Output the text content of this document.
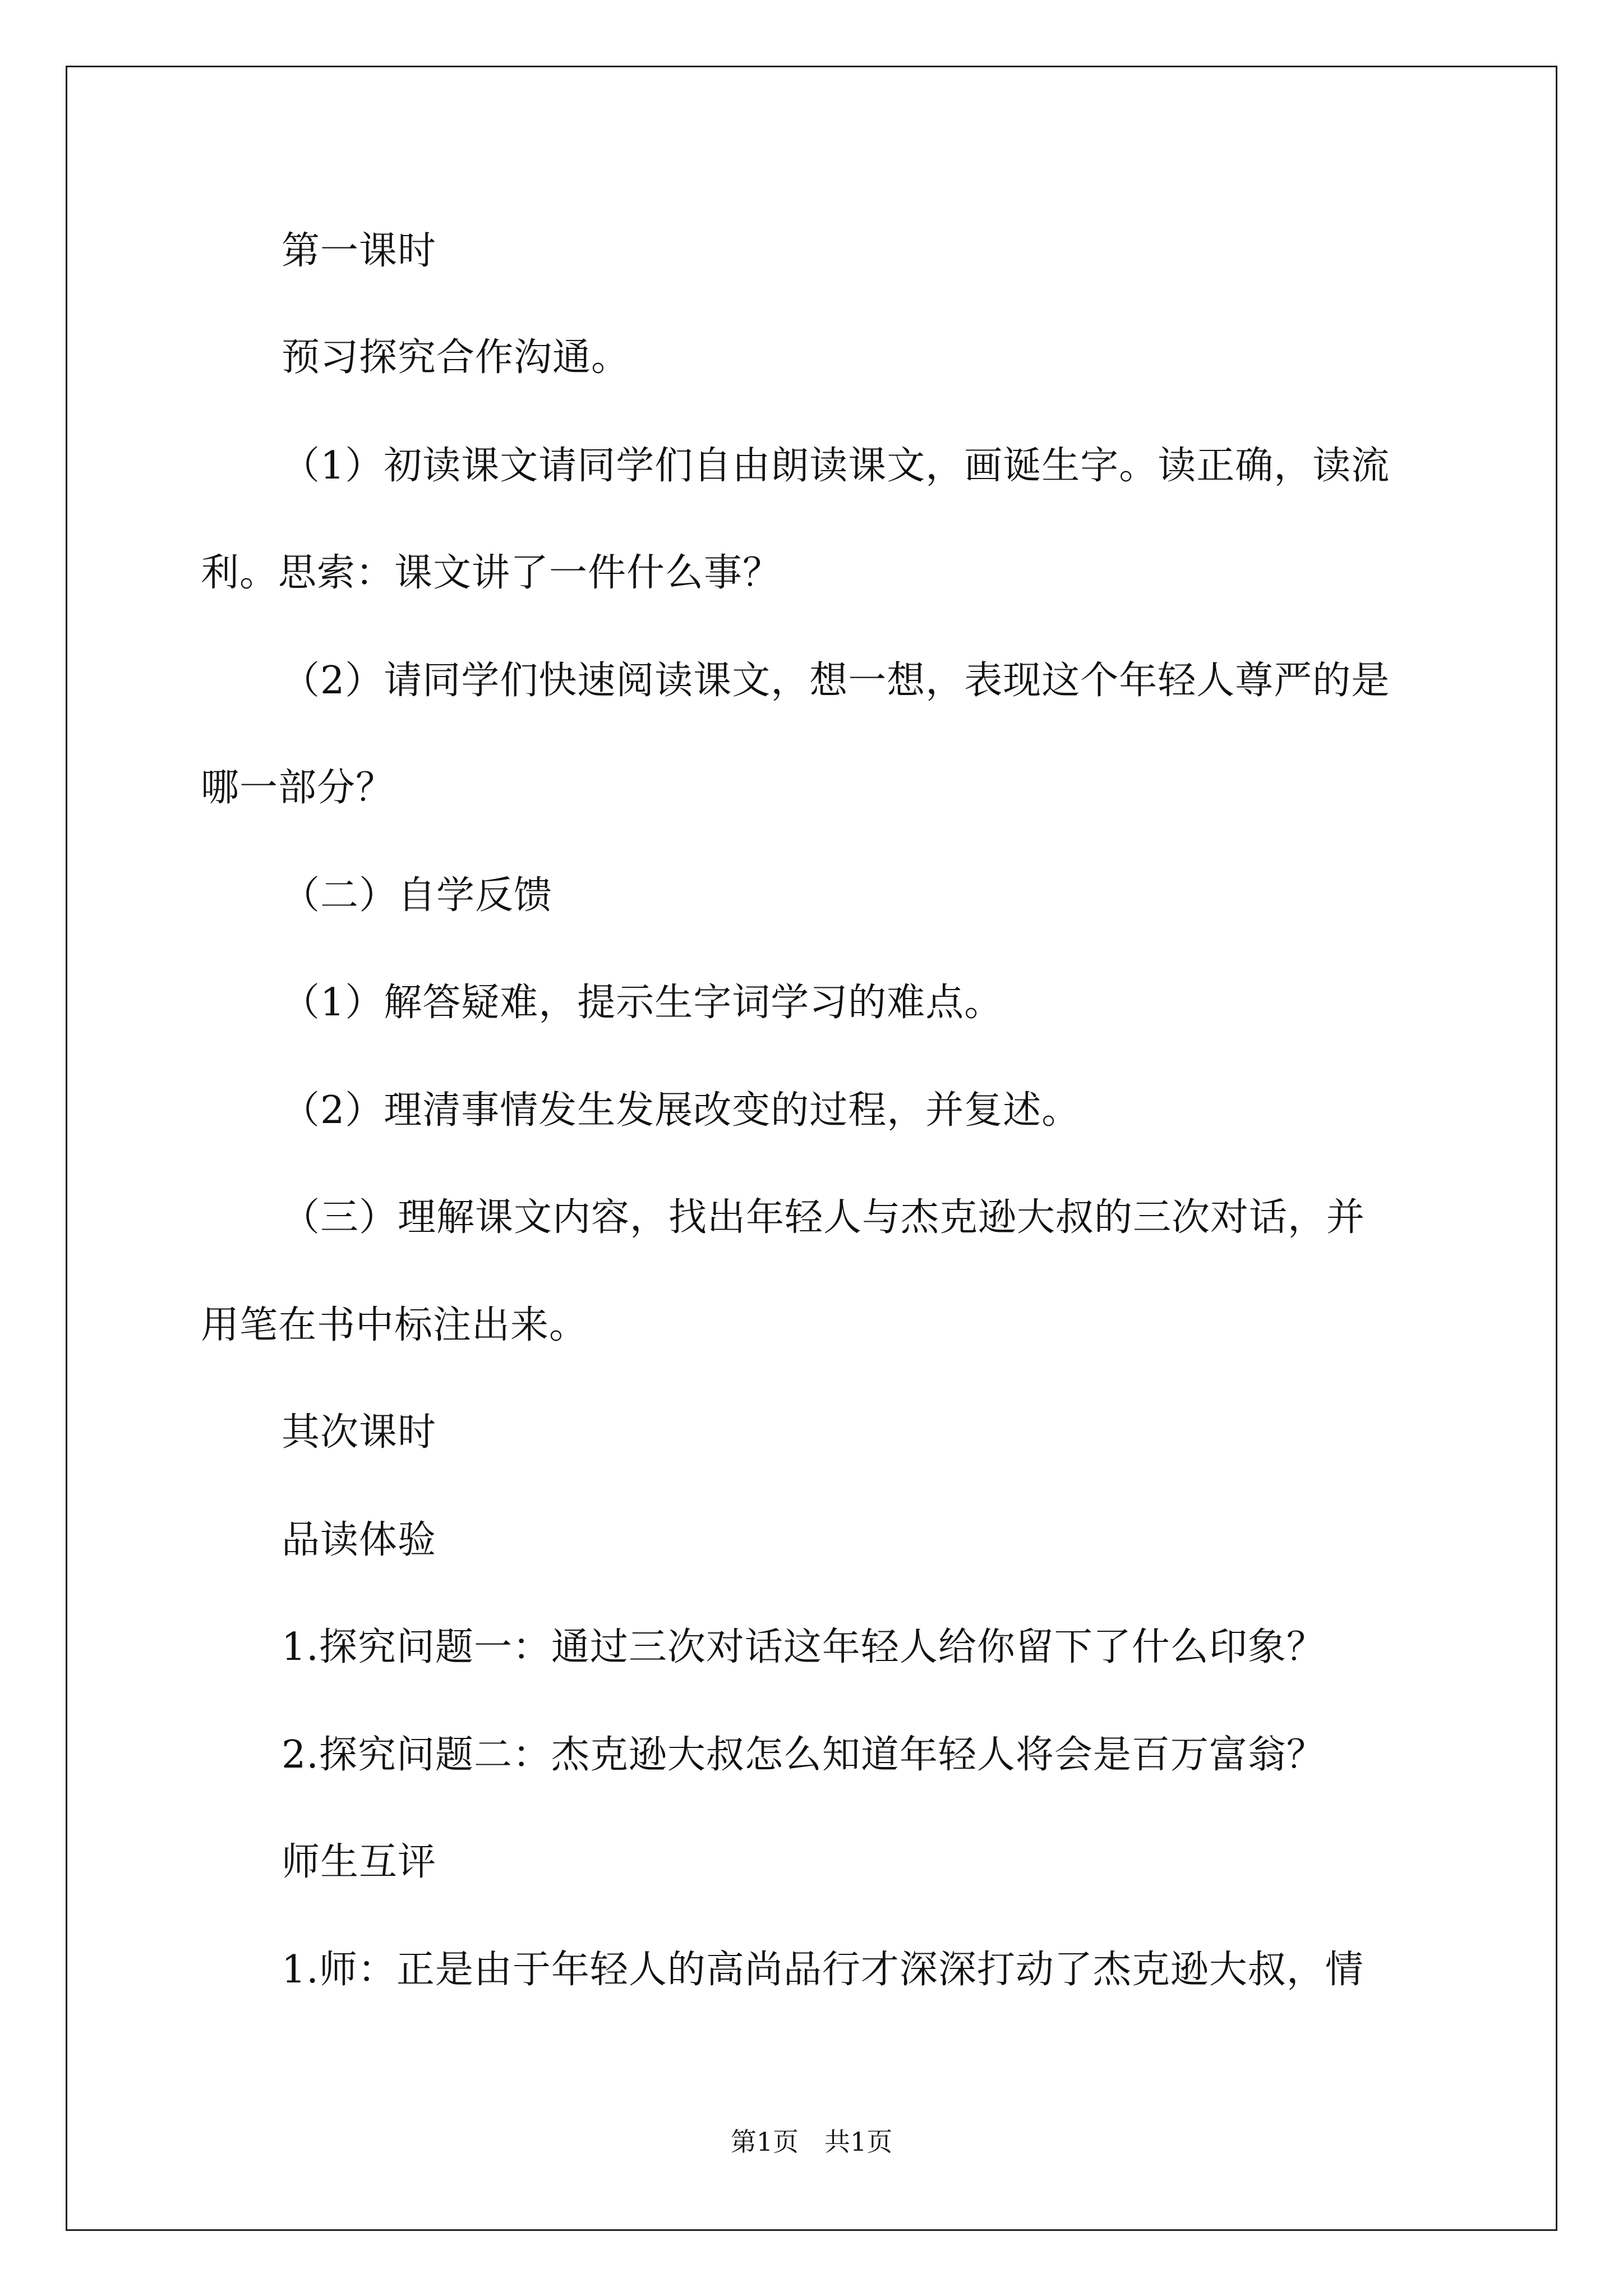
第一课时
预习探究合作沟通。
（1）初读课文请同学们自由朗读课文，画诞生字。读正确，读流
利。思索：课文讲了一件什么事？
（2）请同学们快速阅读课文，想一想，表现这个年轻人尊严的是
哪一部分？
（二）自学反馈
（1）解答疑难，提示生字词学习的难点。
（2）理清事情发生发展改变的过程，并复述。
（三）理解课文内容，找出年轻人与杰克逊大叔的三次对话，并
用笔在书中标注出来。
其次课时
品读体验
1.探究问题一：通过三次对话这年轻人给你留下了什么印象？
2.探究问题二：杰克逊大叔怎么知道年轻人将会是百万富翁？
师生互评
1.师：正是由于年轻人的高尚品行才深深打动了杰克逊大叔，情
第1页　共1页
